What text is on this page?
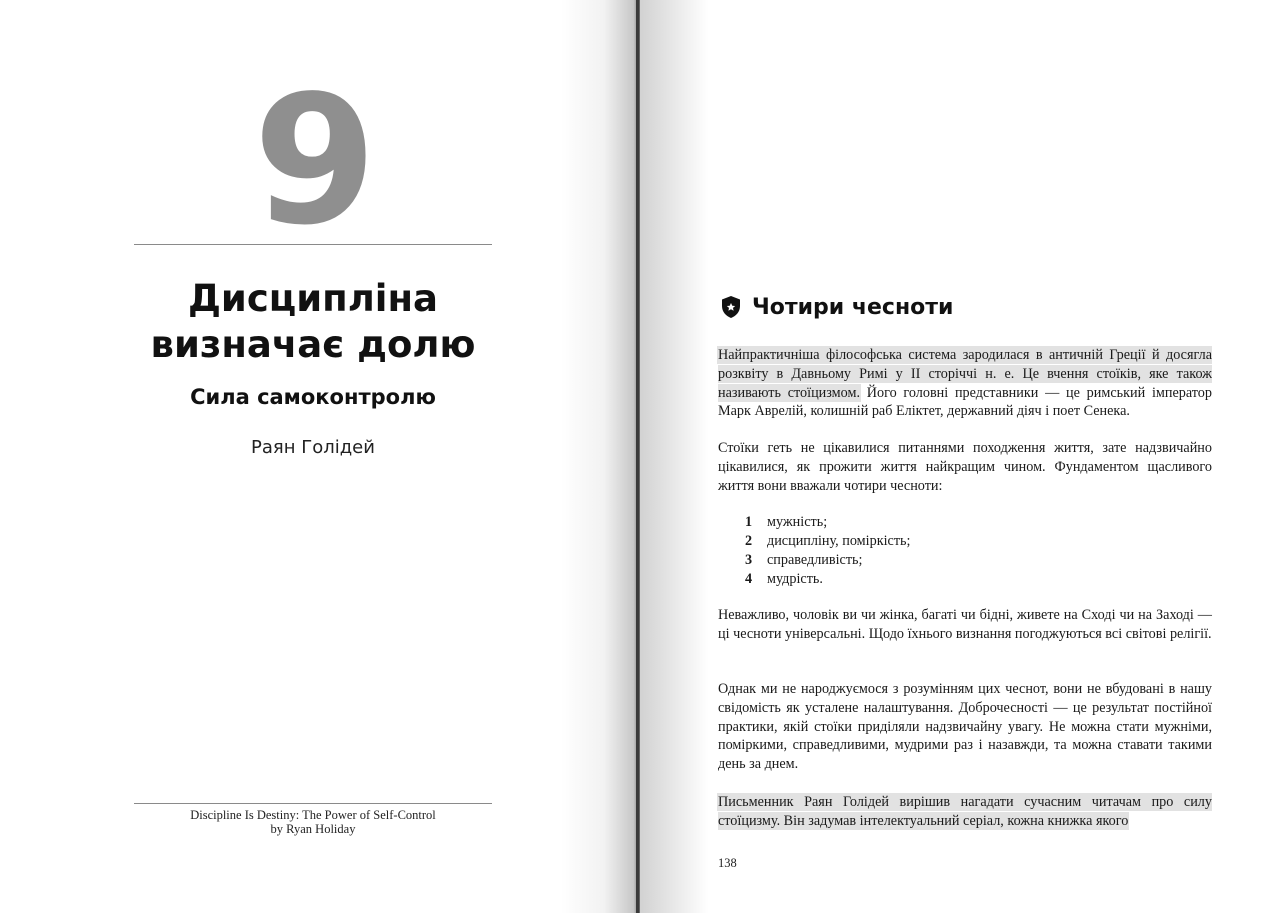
9
Дисципліна
визначає долю
Сила самоконтролю
Раян Голідей
Discipline Is Destiny: The Power of Self-Control
by Ryan Holiday
Чотири чесноти
Найпрактичніша філософська система зародилася в античній Греції й досягла розквіту в Давньому Римі у II сторіччі н. е. Це вчення стоїків, яке також називають стоїцизмом. Його головні представники — це римський імператор Марк Аврелій, колишній раб Еліктет, державний діяч і поет Сенека.
Стоїки геть не цікавилися питаннями походження життя, зате надзвичайно цікавилися, як прожити життя найкращим чином. Фундаментом щасливого життя вони вважали чотири чесноти:
1	мужність;
2	дисципліну, поміркість;
3	справедливість;
4	мудрість.
Неважливо, чоловік ви чи жінка, багаті чи бідні, живете на Сході чи на Заході — ці чесноти універсальні. Щодо їхнього визнання погоджуються всі світові релігії.
Однак ми не народжуємося з розумінням цих чеснот, вони не вбудовані в нашу свідомість як усталене налаштування. Доброчесності — це результат постійної практики, якій стоїки приділяли надзвичайну увагу. Не можна стати мужніми, поміркими, справедливими, мудрими раз і назавжди, та можна ставати такими день за днем.
Письменник Раян Голідей вирішив нагадати сучасним читачам про силу стоїцизму. Він задумав інтелектуальний серіал, кожна книжка якого
138
